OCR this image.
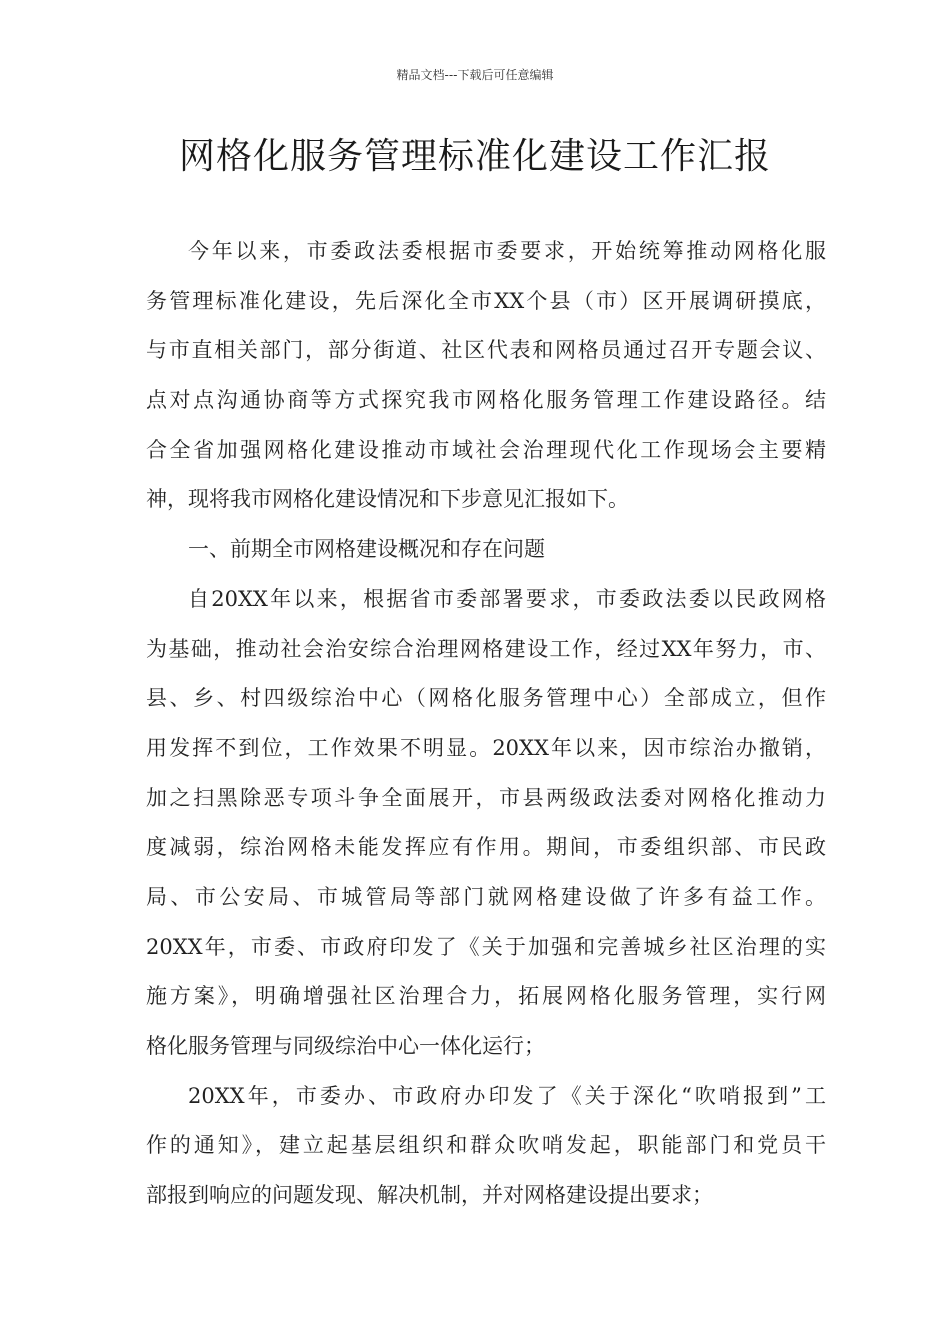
精品文档---下载后可任意编辑
网格化服务管理标准化建设工作汇报
今年以来，市委政法委根据市委要求，开始统筹推动网格化服
务管理标准化建设，先后深化全市XX个县（市）区开展调研摸底，
与市直相关部门，部分街道、社区代表和网格员通过召开专题会议、
点对点沟通协商等方式探究我市网格化服务管理工作建设路径。结
合全省加强网格化建设推动市域社会治理现代化工作现场会主要精
神，现将我市网格化建设情况和下步意见汇报如下。
一、前期全市网格建设概况和存在问题
自20XX年以来，根据省市委部署要求，市委政法委以民政网格
为基础，推动社会治安综合治理网格建设工作，经过XX年努力，市、
县、乡、村四级综治中心（网格化服务管理中心）全部成立，但作
用发挥不到位，工作效果不明显。20XX年以来，因市综治办撤销，
加之扫黑除恶专项斗争全面展开，市县两级政法委对网格化推动力
度减弱，综治网格未能发挥应有作用。期间，市委组织部、市民政
局、市公安局、市城管局等部门就网格建设做了许多有益工作。
20XX年，市委、市政府印发了《关于加强和完善城乡社区治理的实
施方案》，明确增强社区治理合力，拓展网格化服务管理，实行网
格化服务管理与同级综治中心一体化运行；
20XX年，市委办、市政府办印发了《关于深化“吹哨报到”工
作的通知》，建立起基层组织和群众吹哨发起，职能部门和党员干
部报到响应的问题发现、解决机制，并对网格建设提出要求；
